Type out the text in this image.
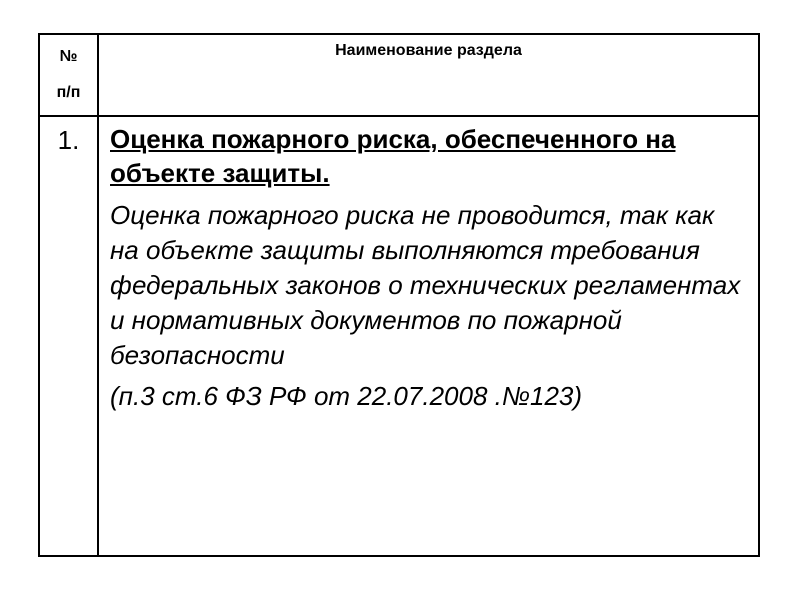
№
п/п
Наименование раздела
1.	Оценка пожарного риска, обеспеченного на объекте защиты.

Оценка пожарного риска не проводится, так как на объекте защиты выполняются требования федеральных законов о технических регламентах и нормативных документов по пожарной безопасности

(п.3 ст.6 ФЗ РФ от 22.07.2008 .№123)
